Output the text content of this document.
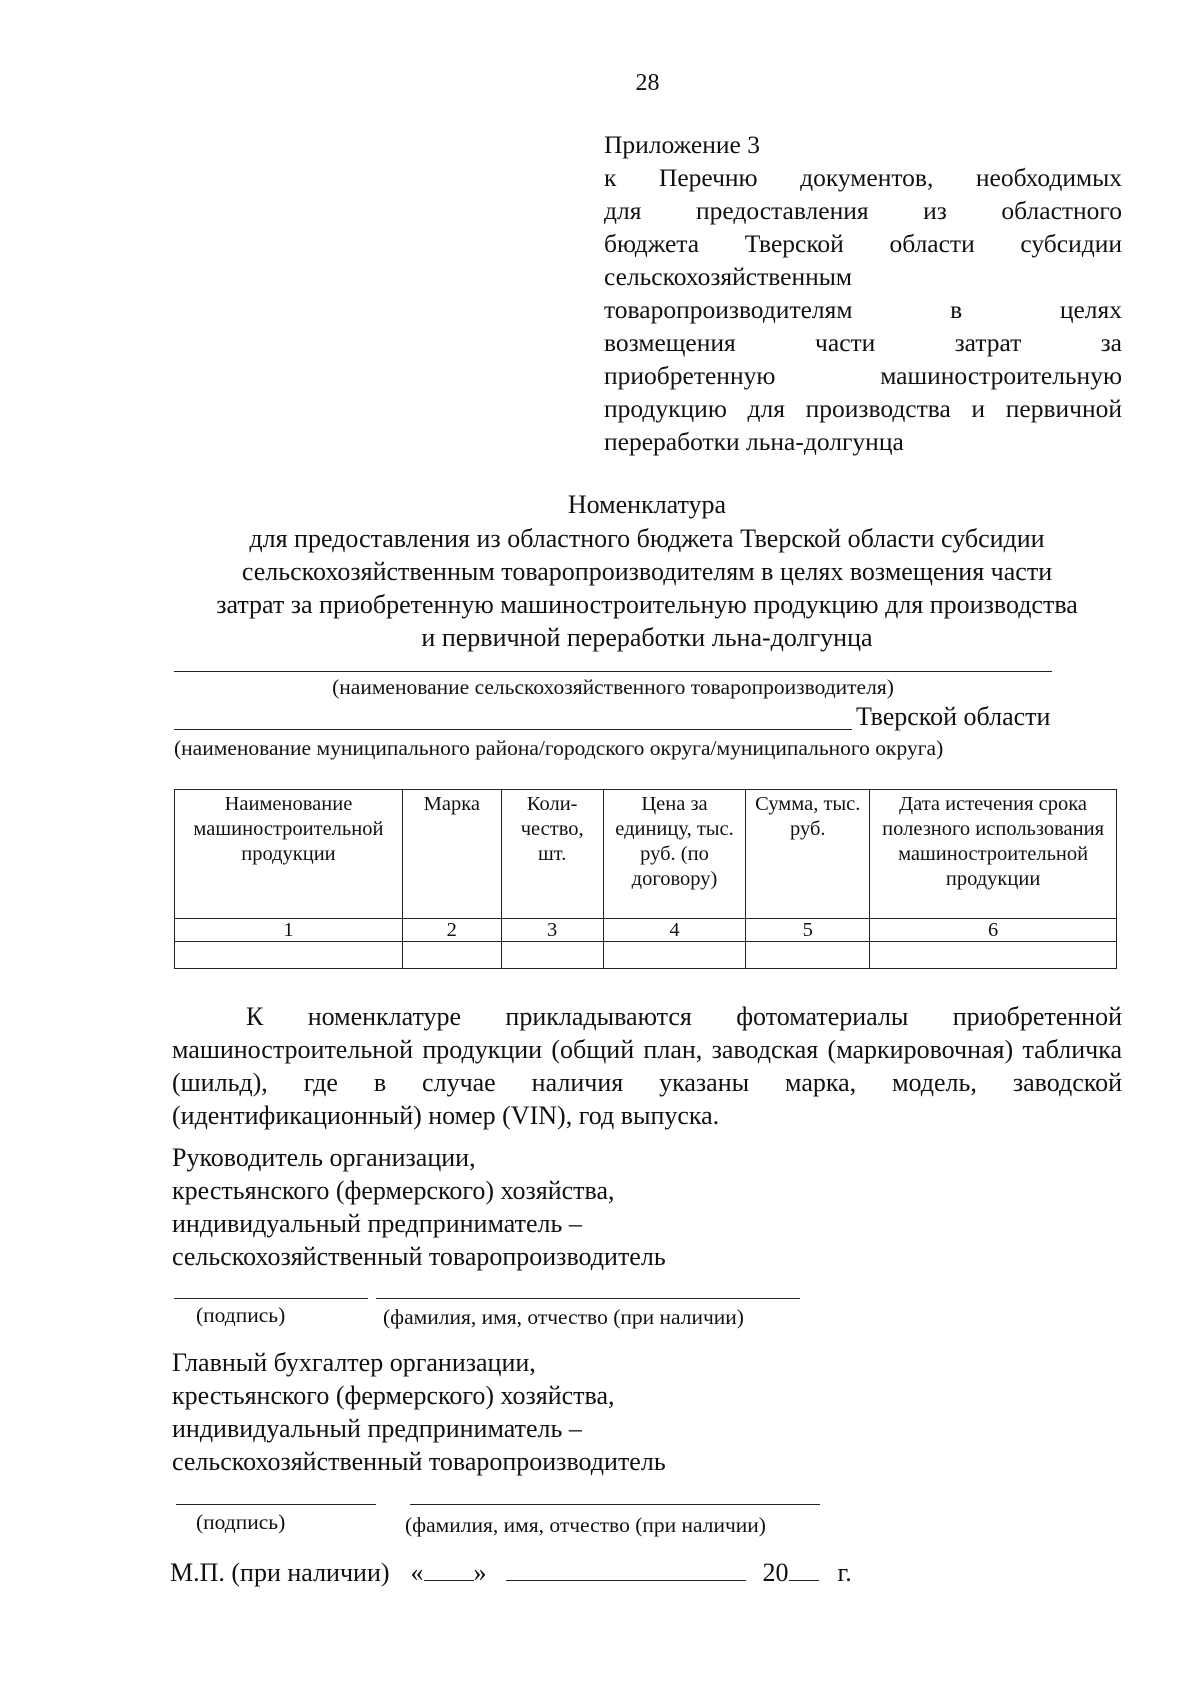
28
Приложение 3
к Перечню документов, необходимых
для предоставления из областного
бюджета Тверской области субсидии
сельскохозяйственным
товаропроизводителям в целях
возмещения части затрат за
приобретенную машиностроительную
продукцию для производства и первичной
переработки льна-долгунца
Номенклатура
для предоставления из областного бюджета Тверской области субсидии
сельскохозяйственным товаропроизводителям в целях возмещения части
затрат за приобретенную машиностроительную продукцию для производства
и первичной переработки льна-долгунца
(наименование сельскохозяйственного товаропроизводителя)
Тверской области
(наименование муниципального района/городского округа/муниципального округа)
Наименование машиностроительной продукции	Марка	Коли-чество, шт.	Цена за единицу, тыс. руб. (по договору)	Сумма, тыс. руб.	Дата истечения срока полезного использования машиностроительной продукции
1	2	3	4	5	6

К номенклатуре прикладываются фотоматериалы приобретенной машиностроительной продукции (общий план, заводская (маркировочная) табличка (шильд), где в случае наличия указаны марка, модель, заводской (идентификационный) номер (VIN), год выпуска.
Руководитель организации,
крестьянского (фермерского) хозяйства,
индивидуальный предприниматель –
сельскохозяйственный товаропроизводитель
(подпись)	(фамилия, имя, отчество (при наличии)
Главный бухгалтер организации,
крестьянского (фермерского) хозяйства,
индивидуальный предприниматель –
сельскохозяйственный товаропроизводитель
(подпись)	(фамилия, имя, отчество (при наличии)
М.П. (при наличии) « »	20 г.
